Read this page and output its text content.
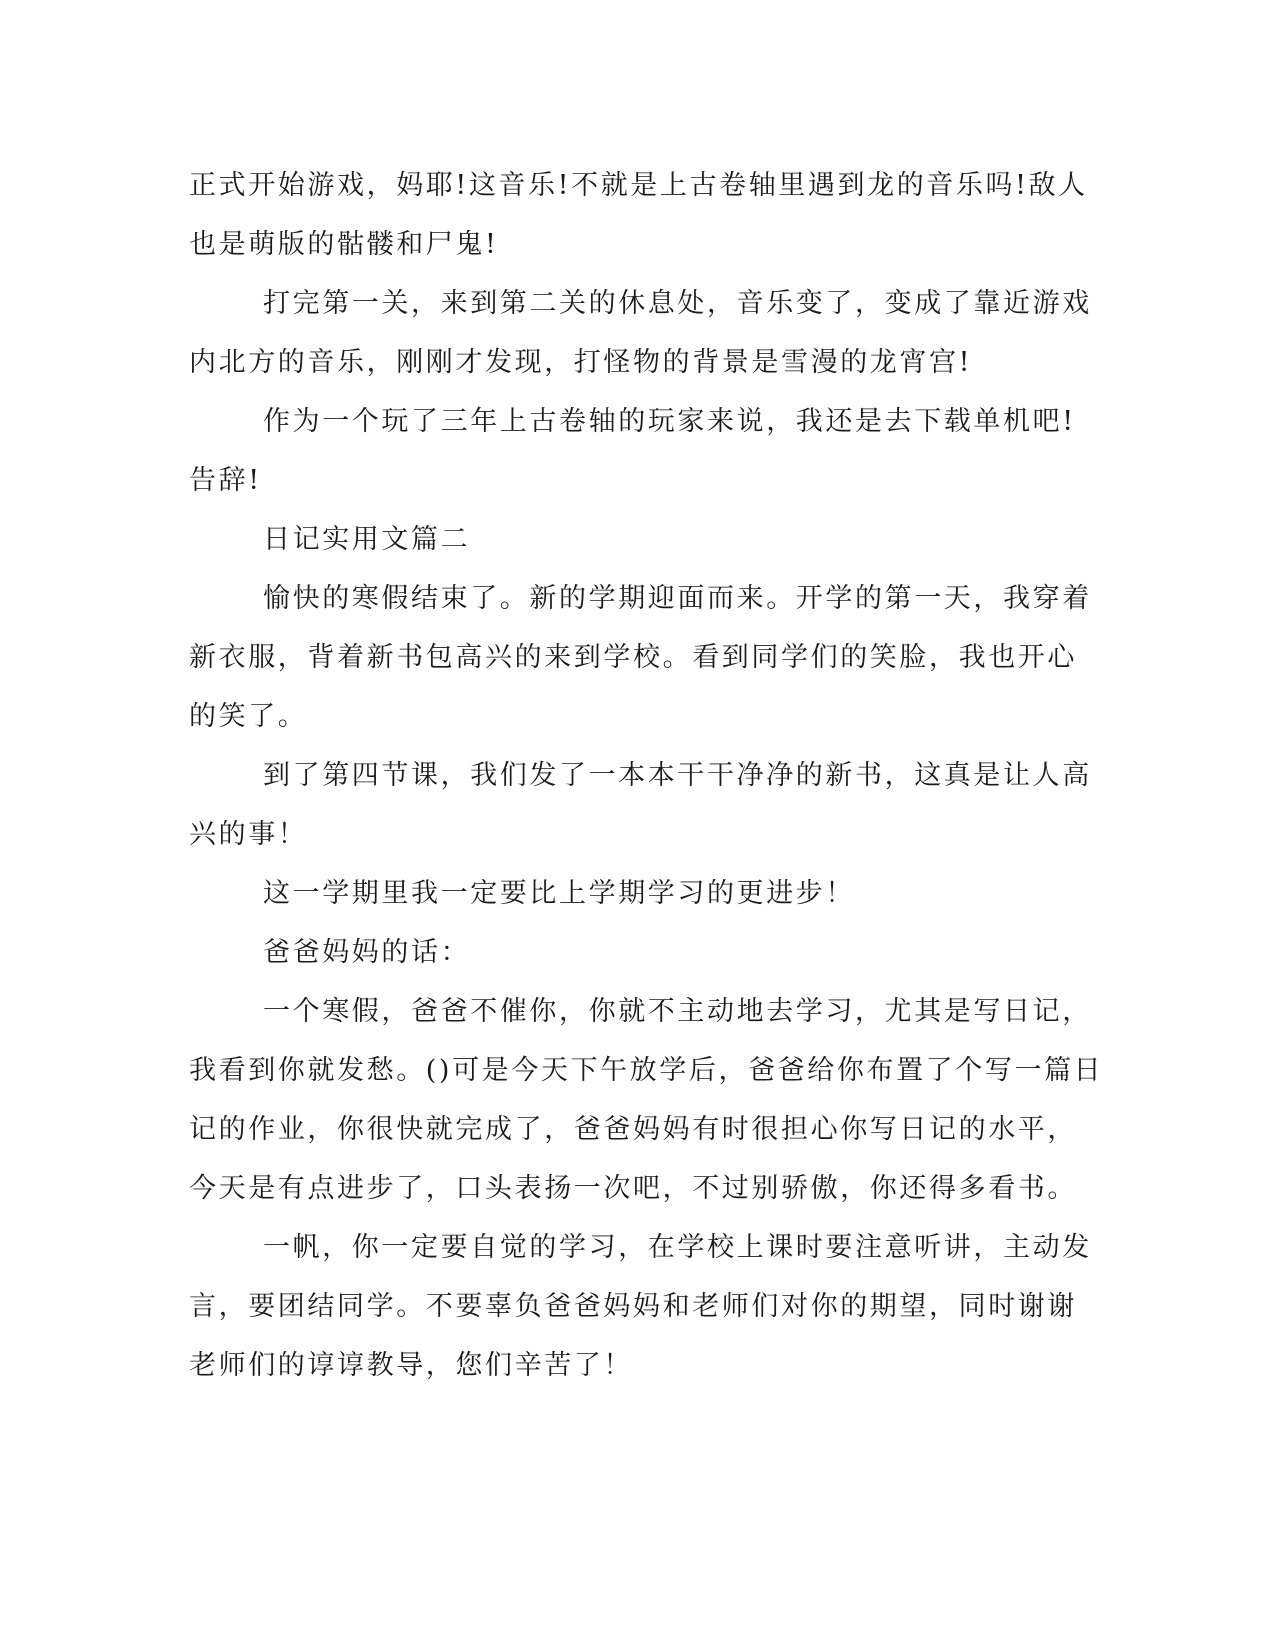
正式开始游戏，妈耶!这音乐!不就是上古卷轴里遇到龙的音乐吗!敌人
也是萌版的骷髅和尸鬼!
打完第一关，来到第二关的休息处，音乐变了，变成了靠近游戏
内北方的音乐，刚刚才发现，打怪物的背景是雪漫的龙宵宫!
作为一个玩了三年上古卷轴的玩家来说，我还是去下载单机吧!
告辞!
日记实用文篇二
愉快的寒假结束了。新的学期迎面而来。开学的第一天，我穿着
新衣服，背着新书包高兴的来到学校。看到同学们的笑脸，我也开心
的笑了。
到了第四节课，我们发了一本本干干净净的新书，这真是让人高
兴的事！
这一学期里我一定要比上学期学习的更进步！
爸爸妈妈的话：
一个寒假，爸爸不催你，你就不主动地去学习，尤其是写日记，
我看到你就发愁。()可是今天下午放学后，爸爸给你布置了个写一篇日
记的作业，你很快就完成了，爸爸妈妈有时很担心你写日记的水平，
今天是有点进步了，口头表扬一次吧，不过别骄傲，你还得多看书。
一帆，你一定要自觉的学习，在学校上课时要注意听讲，主动发
言，要团结同学。不要辜负爸爸妈妈和老师们对你的期望，同时谢谢
老师们的谆谆教导，您们辛苦了！
